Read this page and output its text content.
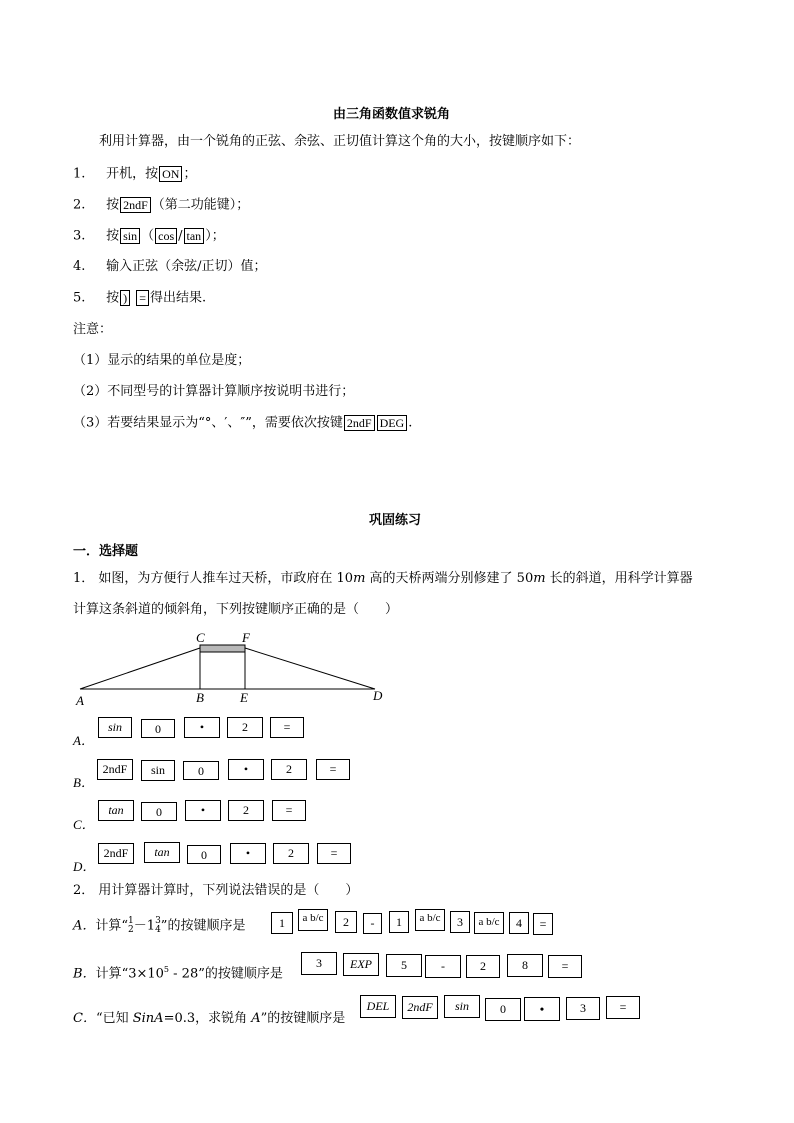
由三角函数值求锐角
利用计算器，由一个锐角的正弦、余弦、正切值计算这个角的大小，按键顺序如下：
1. 开机，按 ON ；
2. 按 2ndF （第二功能键）；
3. 按 sin （ cos / tan ）；
4. 输入正弦（余弦/正切）值；
5. 按 ) = 得出结果.
注意：
（1）显示的结果的单位是度；
（2）不同型号的计算器计算顺序按说明书进行；
（3）若要结果显示为“°、′、″”，需要依次按键 2ndF DEG .
巩固练习
一．选择题
1． 如图，为方便行人推车过天桥，市政府在 10m 高的天桥两端分别修建了 50m 长的斜道，用科学计算器
计算这条斜道的倾斜角，下列按键顺序正确的是（　　）
A	B
C
D
E
F
A．
sin	0	•	2	=
B．
2ndF	sin	0	•	2	=
C．
tan	0	•	2	=
D．
2ndF	tan	0	•	2	=
2． 用计算器计算时，下列说法错误的是（　　）
A．计算“ 1
2 －1 3
4 ”的按键顺序是	1	a b/c	2	-	1	a b/c	3	a b/c	4	=
B．计算“$3\times 10^5 - 28$”的按键顺序是
3	EXP	5	-	2	8	=
C．“已知 SinA=0.3，求锐角 A”的按键顺序是
DEL	2ndF	sin	0	•	3	=
